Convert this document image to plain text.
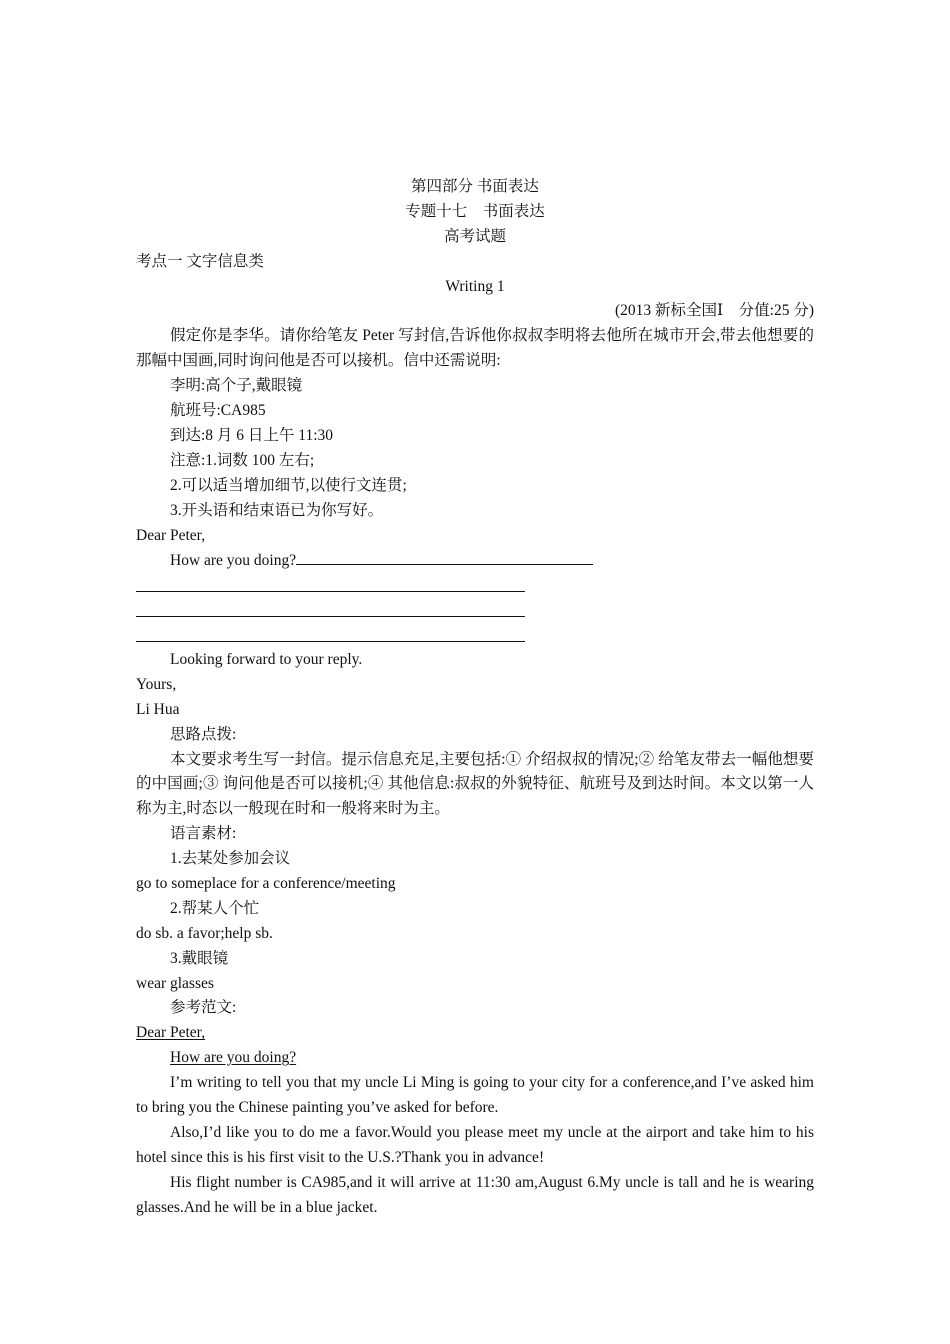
第四部分 书面表达
专题十七　书面表达
高考试题
考点一 文字信息类
Writing 1
(2013 新标全国Ⅰ　分值:25 分)
假定你是李华。请你给笔友 Peter 写封信,告诉他你叔叔李明将去他所在城市开会,带去他想要的那幅中国画,同时询问他是否可以接机。信中还需说明:
李明:高个子,戴眼镜
航班号:CA985
到达:8 月 6 日上午 11:30
注意:1.词数 100 左右;
2.可以适当增加细节,以使行文连贯;
3.开头语和结束语已为你写好。
Dear Peter,
How are you doing?
Looking forward to your reply.
Yours,
Li Hua
思路点拨:
本文要求考生写一封信。提示信息充足,主要包括:① 介绍叔叔的情况;② 给笔友带去一幅他想要的中国画;③ 询问他是否可以接机;④ 其他信息:叔叔的外貌特征、航班号及到达时间。本文以第一人称为主,时态以一般现在时和一般将来时为主。
语言素材:
1.去某处参加会议
go to someplace for a conference/meeting
2.帮某人个忙
do sb. a favor;help sb.
3.戴眼镜
wear glasses
参考范文:
Dear Peter,
How are you doing?
I’m writing to tell you that my uncle Li Ming is going to your city for a conference,and I’ve asked him to bring you the Chinese painting you’ve asked for before.
Also,I’d like you to do me a favor.Would you please meet my uncle at the airport and take him to his hotel since this is his first visit to the U.S.?Thank you in advance!
His flight number is CA985,and it will arrive at 11:30 am,August 6.My uncle is tall and he is wearing glasses.And he will be in a blue jacket.
